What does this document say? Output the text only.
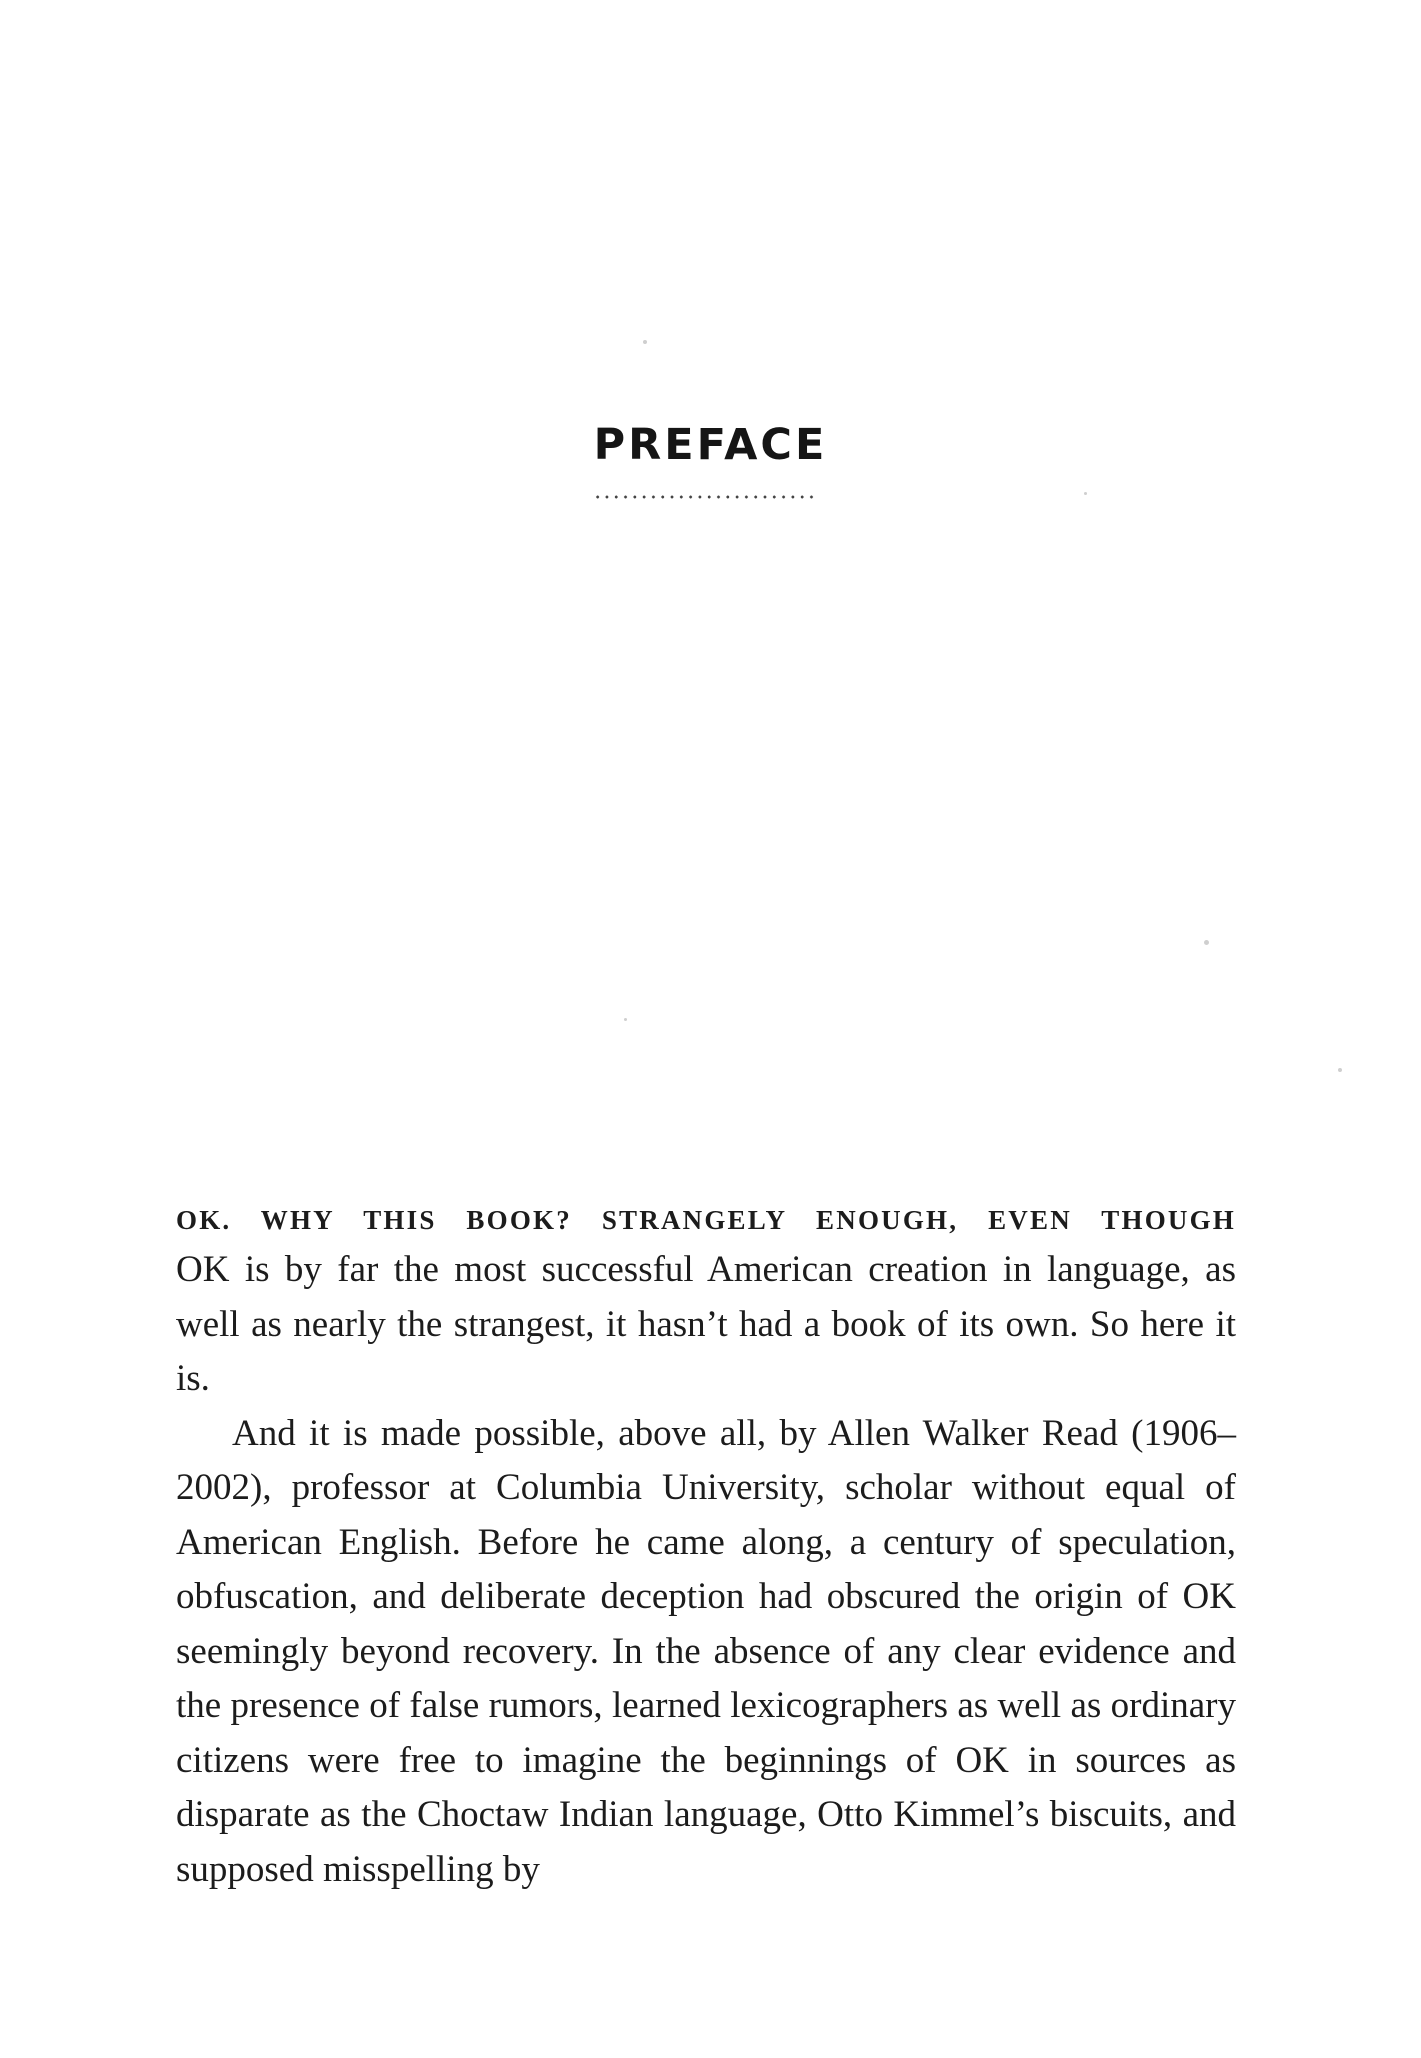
PREFACE

OK. WHY THIS BOOK? STRANGELY ENOUGH, EVEN THOUGH
OK is by far the most successful American creation in language, as well as nearly the strangest, it hasn’t had a book of its own. So here it is.

And it is made possible, above all, by Allen Walker Read (1906–2002), professor at Columbia University, scholar without equal of American English. Before he came along, a century of speculation, obfuscation, and deliberate deception had obscured the origin of OK seemingly beyond recovery. In the absence of any clear evidence and the presence of false rumors, learned lexicographers as well as ordinary citizens were free to imagine the beginnings of OK in sources as disparate as the Choctaw Indian language, Otto Kimmel’s biscuits, and supposed misspelling by
